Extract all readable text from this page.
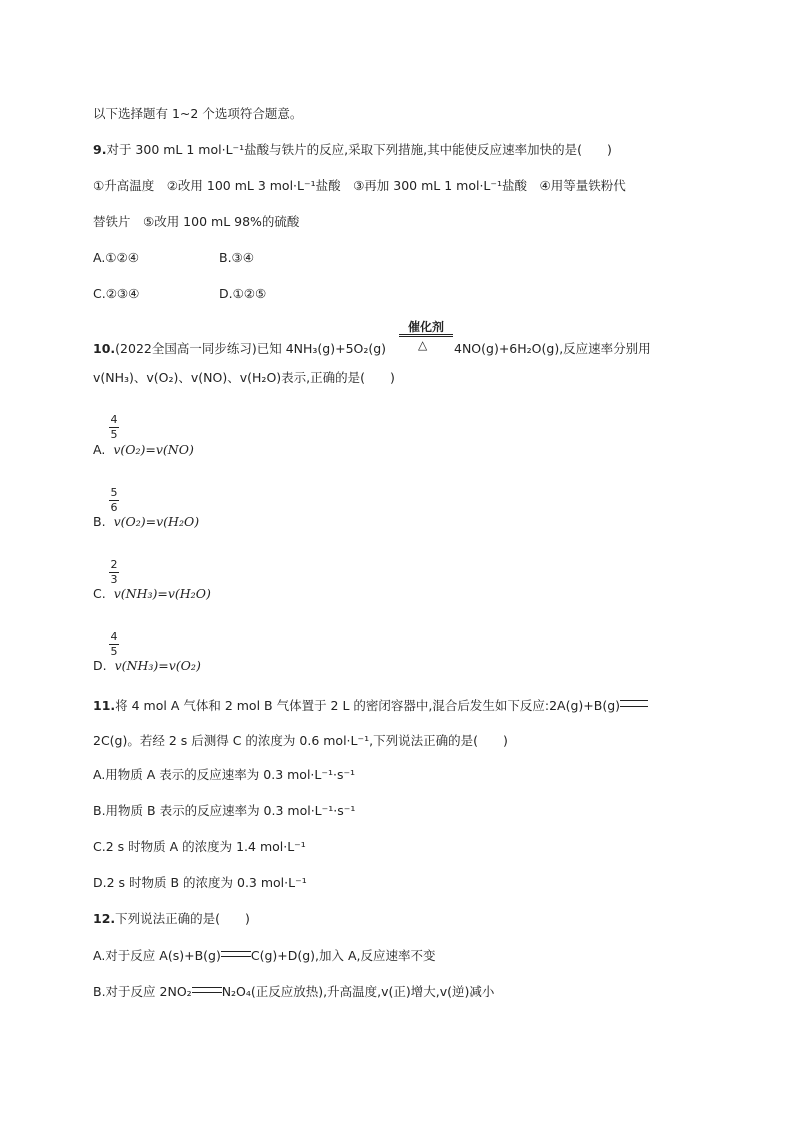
以下选择题有 1~2 个选项符合题意。
9.对于 300 mL 1 mol·L⁻¹盐酸与铁片的反应,采取下列措施,其中能使反应速率加快的是(　　)
①升高温度　②改用 100 mL 3 mol·L⁻¹盐酸　③再加 300 mL 1 mol·L⁻¹盐酸　④用等量铁粉代
替铁片　⑤改用 100 mL 98%的硫酸
A.①②④	B.③④
C.②③④	D.①②⑤
催化剂
△
10.(2022全国高一同步练习)已知 4NH₃(g)+5O₂(g)	4NO(g)+6H₂O(g),反应速率分别用
v(NH₃)、v(O₂)、v(NO)、v(H₂O)表示,正确的是(　　)
4
5
A. v(O₂)=v(NO)
5
6
B. v(O₂)=v(H₂O)
2
3
C. v(NH₃)=v(H₂O)
4
5
D. v(NH₃)=v(O₂)
11.将 4 mol A 气体和 2 mol B 气体置于 2 L 的密闭容器中,混合后发生如下反应:2A(g)+B(g)
2C(g)。若经 2 s 后测得 C 的浓度为 0.6 mol·L⁻¹,下列说法正确的是(　　)
A.用物质 A 表示的反应速率为 0.3 mol·L⁻¹·s⁻¹
B.用物质 B 表示的反应速率为 0.3 mol·L⁻¹·s⁻¹
C.2 s 时物质 A 的浓度为 1.4 mol·L⁻¹
D.2 s 时物质 B 的浓度为 0.3 mol·L⁻¹
12.下列说法正确的是(　　)
A.对于反应 A(s)+B(g) C(g)+D(g),加入 A,反应速率不变
B.对于反应 2NO₂ N₂O₄(正反应放热),升高温度,v(正)增大,v(逆)减小
